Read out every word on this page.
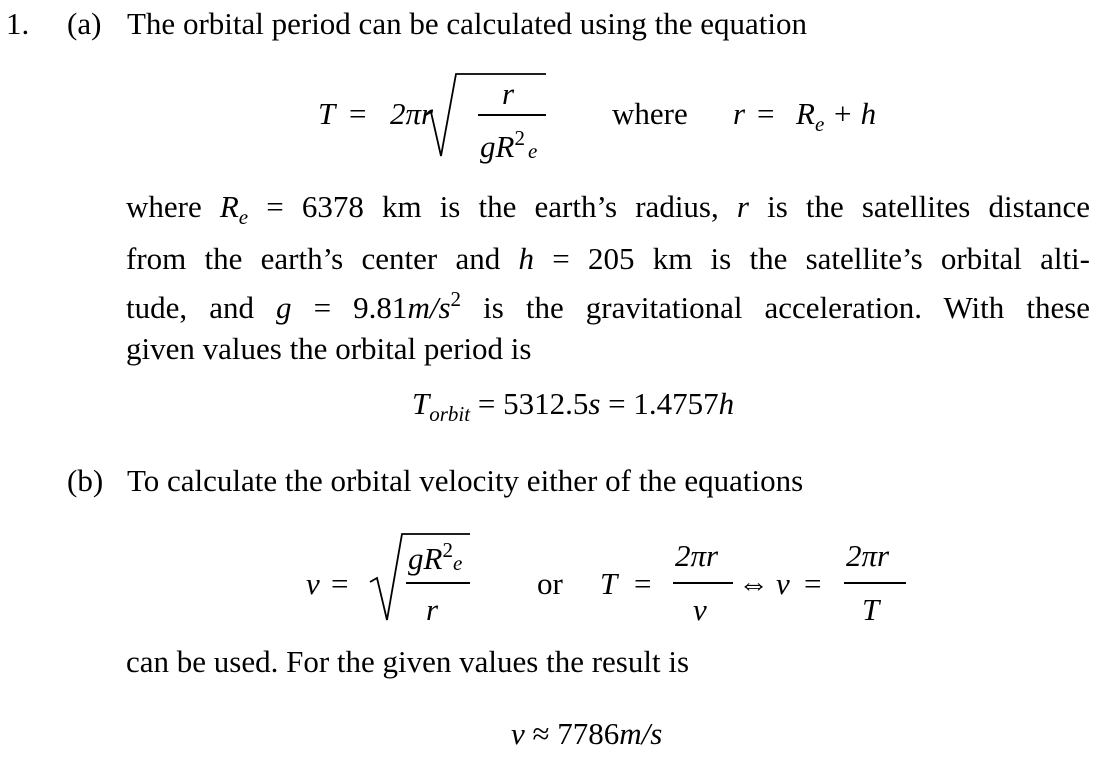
1. (a) The orbital period can be calculated using the equation
T = 2πr
r
$gR^2$
e
where $r = R_e + h$
where $R_e = 6378$ km is the earth’s radius, r is the satellites distance
from the earth’s center and h = 205 km is the satellite’s orbital alti-
tude, and $g = 9.81m/s^2$ is the gravitational acceleration. With these
given values the orbital period is
$T_{orbit} = 5312.5s = 1.4757h$
(b) To calculate the orbital velocity either of the equations
v =
$gR^2$
e
r
or T =
2πr
v
⇔ v =
2πr
T
can be used. For the given values the result is
v ≈ 7786m/s
